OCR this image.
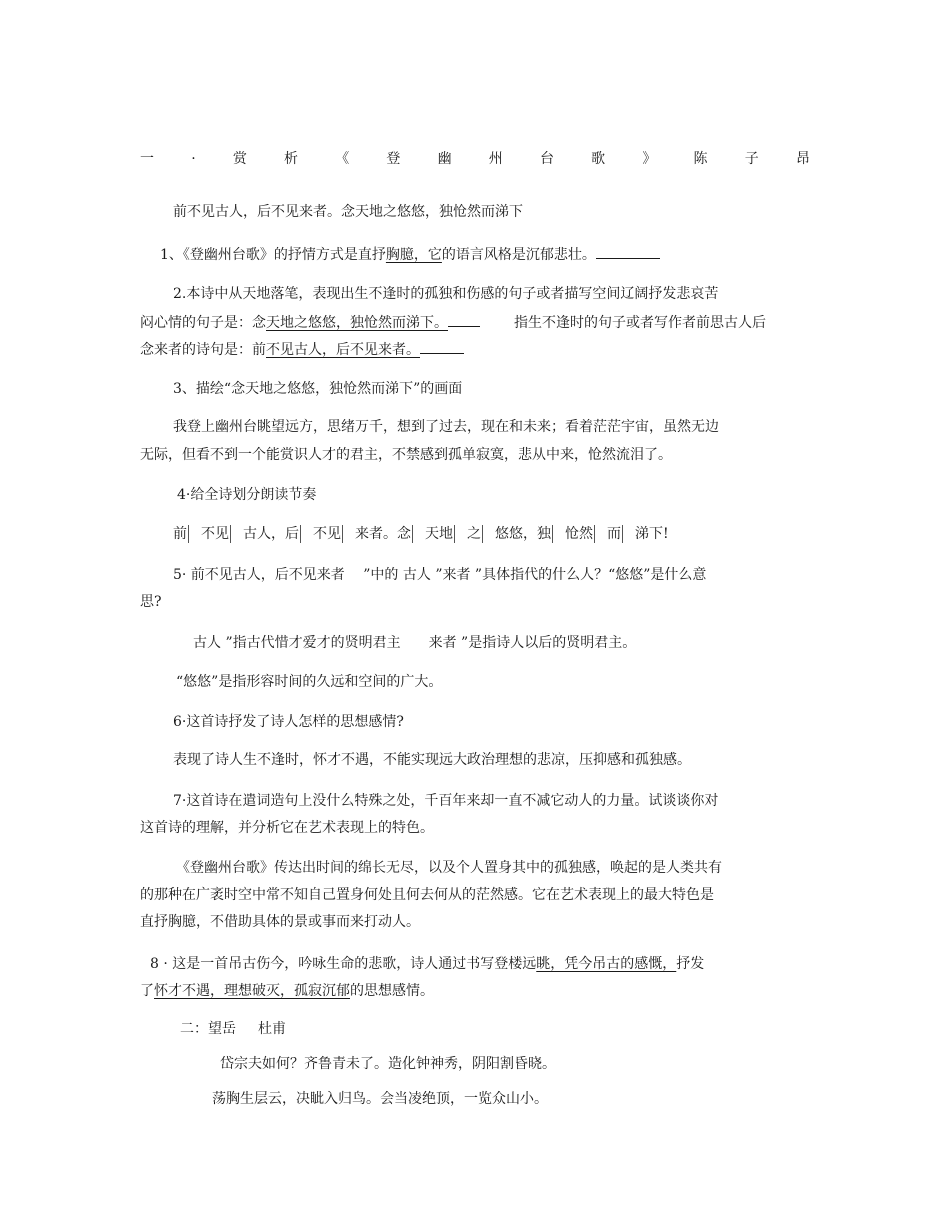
一	·	赏	析	《	登	幽	州	台	歌	》	陈	子	昂
前不见古人，后不见来者。念天地之悠悠，独怆然而涕下
1、《登幽州台歌》的抒情方式是直抒胸臆，它的语言风格是沉郁悲壮。
2.本诗中从天地落笔，表现出生不逢时的孤独和伤感的句子或者描写空间辽阔抒发悲哀苦
闷心情的句子是：念天地之悠悠，独怆然而涕下。	指生不逢时的句子或者写作者前思古人后
念来者的诗句是：前不见古人，后不见来者。
3、描绘“念天地之悠悠，独怆然而涕下”的画面
我登上幽州台眺望远方，思绪万千，想到了过去，现在和未来；看着茫茫宇宙，虽然无边
无际，但看不到一个能赏识人才的君主，不禁感到孤单寂寞，悲从中来，怆然流泪了。
4·给全诗划分朗读节奏
前 不见 古人，后 不见 来者。念 天地 之 悠悠，独 怆然 而 涕下!
5· 前不见古人，后不见来者　 ”中的 古人 ”来者 ”具体指代的什么人？“悠悠”是什么意
思?
古人 ”指古代惜才爱才的贤明君主　　来者 ”是指诗人以后的贤明君主。
“悠悠”是指形容时间的久远和空间的广大。
6·这首诗抒发了诗人怎样的思想感情?
表现了诗人生不逢时，怀才不遇，不能实现远大政治理想的悲凉，压抑感和孤独感。
7·这首诗在遣词造句上没什么特殊之处，千百年来却一直不减它动人的力量。试谈谈你对
这首诗的理解，并分析它在艺术表现上的特色。
《登幽州台歌》传达出时间的绵长无尽，以及个人置身其中的孤独感，唤起的是人类共有
的那种在广袤时空中常不知自己置身何处且何去何从的茫然感。它在艺术表现上的最大特色是
直抒胸臆，不借助具体的景或事而来打动人。
8 · 这是一首吊古伤今，吟咏生命的悲歌，诗人通过书写登楼远眺，凭今吊古的感慨，抒发
了怀才不遇，理想破灭，孤寂沉郁的思想感情。
二：望岳 杜甫
岱宗夫如何？齐鲁青未了。造化钟神秀，阴阳割昏晓。
荡胸生层云，决眦入归鸟。会当凌绝顶，一览众山小。
